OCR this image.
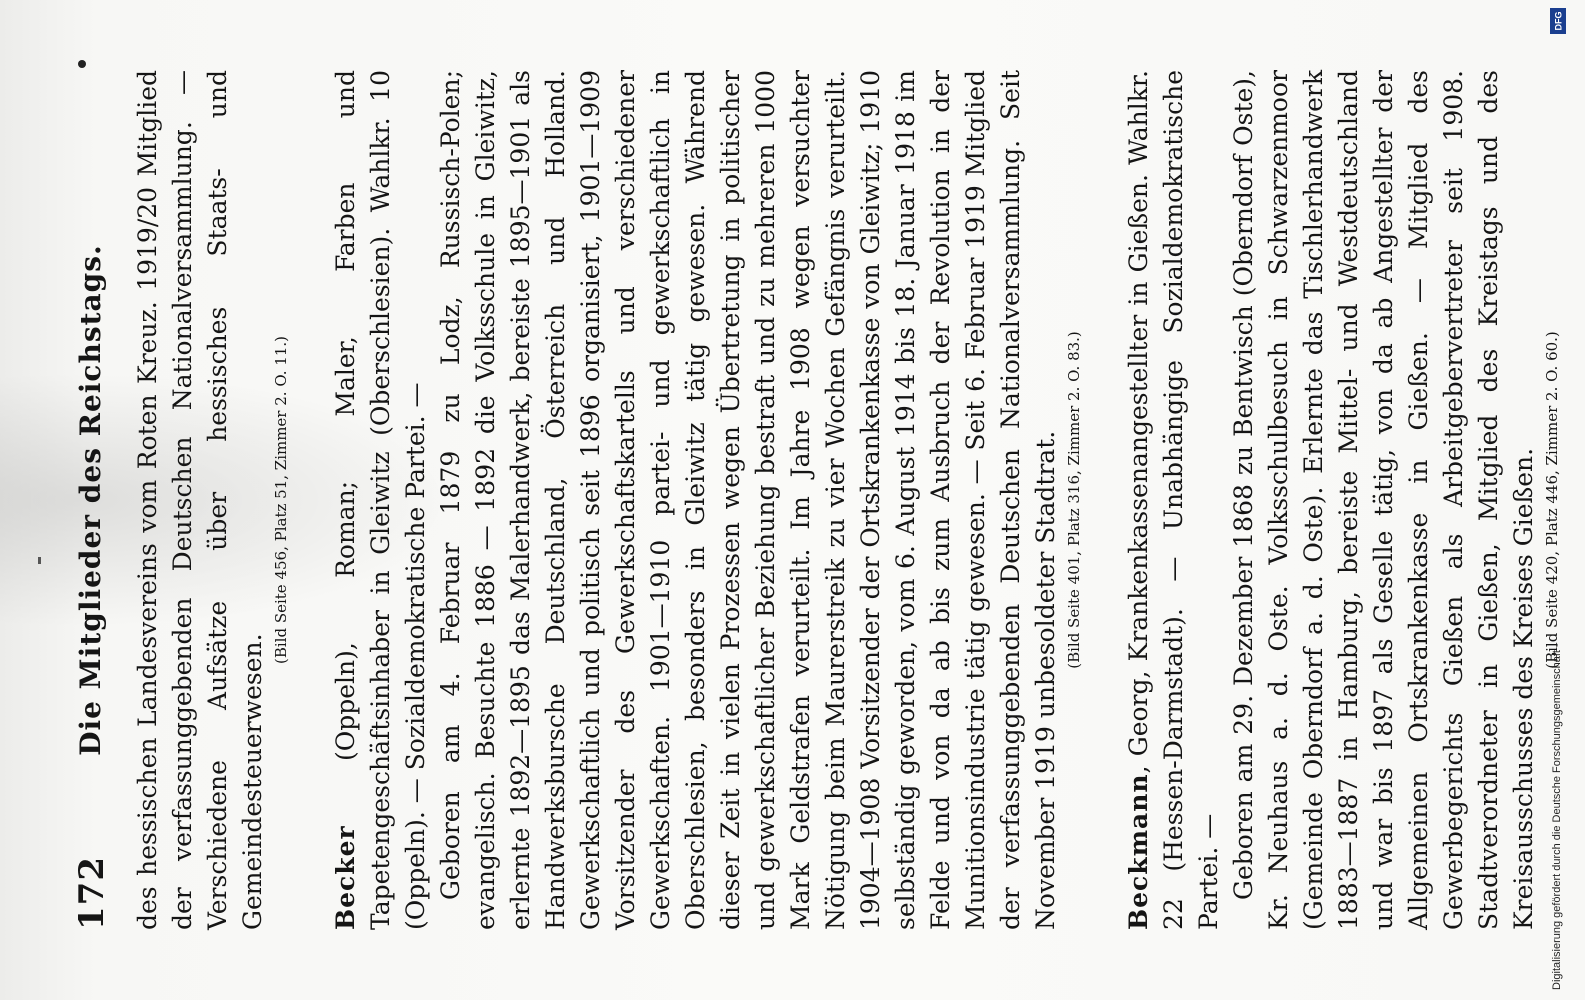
172
Die Mitglieder des Reichstags. des hessischen Landesvereins vom Roten Kreuz. 1919/20 Mitglied der verfassunggebenden Deutschen Nationalversammlung. — Verschiedene Aufsätze über hessisches Staats- und Gemeindesteuerwesen.

(Bild Seite 456, Platz 51, Zimmer 2. O. 11.)

Becker (Oppeln), Roman; Maler, Farben und Tapetengeschäftsinhaber in Gleiwitz (Oberschlesien). Wahlkr. 10 (Oppeln). — Sozialdemokratische Partei. — Geboren am 4. Februar 1879 zu Lodz, Russisch-Polen; evangelisch. Besuchte 1886 — 1892 die Volksschule in Gleiwitz, erlernte 1892—1895 das Malerhandwerk, bereiste 1895—1901 als Handwerksbursche Deutschland, Österreich und Holland. Gewerkschaftlich und politisch seit 1896 organisiert, 1901—1909 Vorsitzender des Gewerkschaftskartells und verschiedener Gewerkschaften. 1901—1910 partei- und gewerkschaftlich in Oberschlesien, besonders in Gleiwitz tätig gewesen. Während dieser Zeit in vielen Prozessen wegen Übertretung in politischer und gewerkschaftlicher Beziehung bestraft und zu mehreren 1000 Mark Geldstrafen verurteilt. Im Jahre 1908 wegen versuchter Nötigung beim Maurerstreik zu vier Wochen Gefängnis verurteilt. 1904—1908 Vorsitzender der Ortskrankenkasse von Gleiwitz; 1910 selbständig geworden, vom 6. August 1914 bis 18. Januar 1918 im Felde und von da ab bis zum Ausbruch der Revolution in der Munitionsindustrie tätig gewesen. — Seit 6. Februar 1919 Mitglied der verfassunggebenden Deutschen Nationalversammlung. Seit November 1919 unbesoldeter Stadtrat. (Bild Seite 401, Platz 316, Zimmer 2. O. 83.)

Beckmann, Georg, Krankenkassenangestellter in Gießen. Wahlkr. 22 (Hessen-Darmstadt). — Unabhängige Sozialdemokratische Partei. — Geboren am 29. Dezember 1868 zu Bentwisch (Oberndorf Oste), Kr. Neuhaus a. d. Oste. Volksschulbesuch in Schwarzenmoor (Gemeinde Oberndorf a. d. Oste). Erlernte das Tischlerhandwerk 1883—1887 in Hamburg, bereiste Mittel- und Westdeutschland und war bis 1897 als Geselle tätig, von da ab Angestellter der Allgemeinen Ortskrankenkasse in Gießen. — Mitglied des Gewerbegerichts Gießen als Arbeitgebervertreter seit 1908. Stadtverordneter in Gießen, Mitglied des Kreistags und des Kreisausschusses des Kreises Gießen. (Bild Seite 420, Platz 446, Zimmer 2. O. 60.)

Digitalisierung gefördert durch die Deutsche Forschungsgemeinschaft -
DFG
